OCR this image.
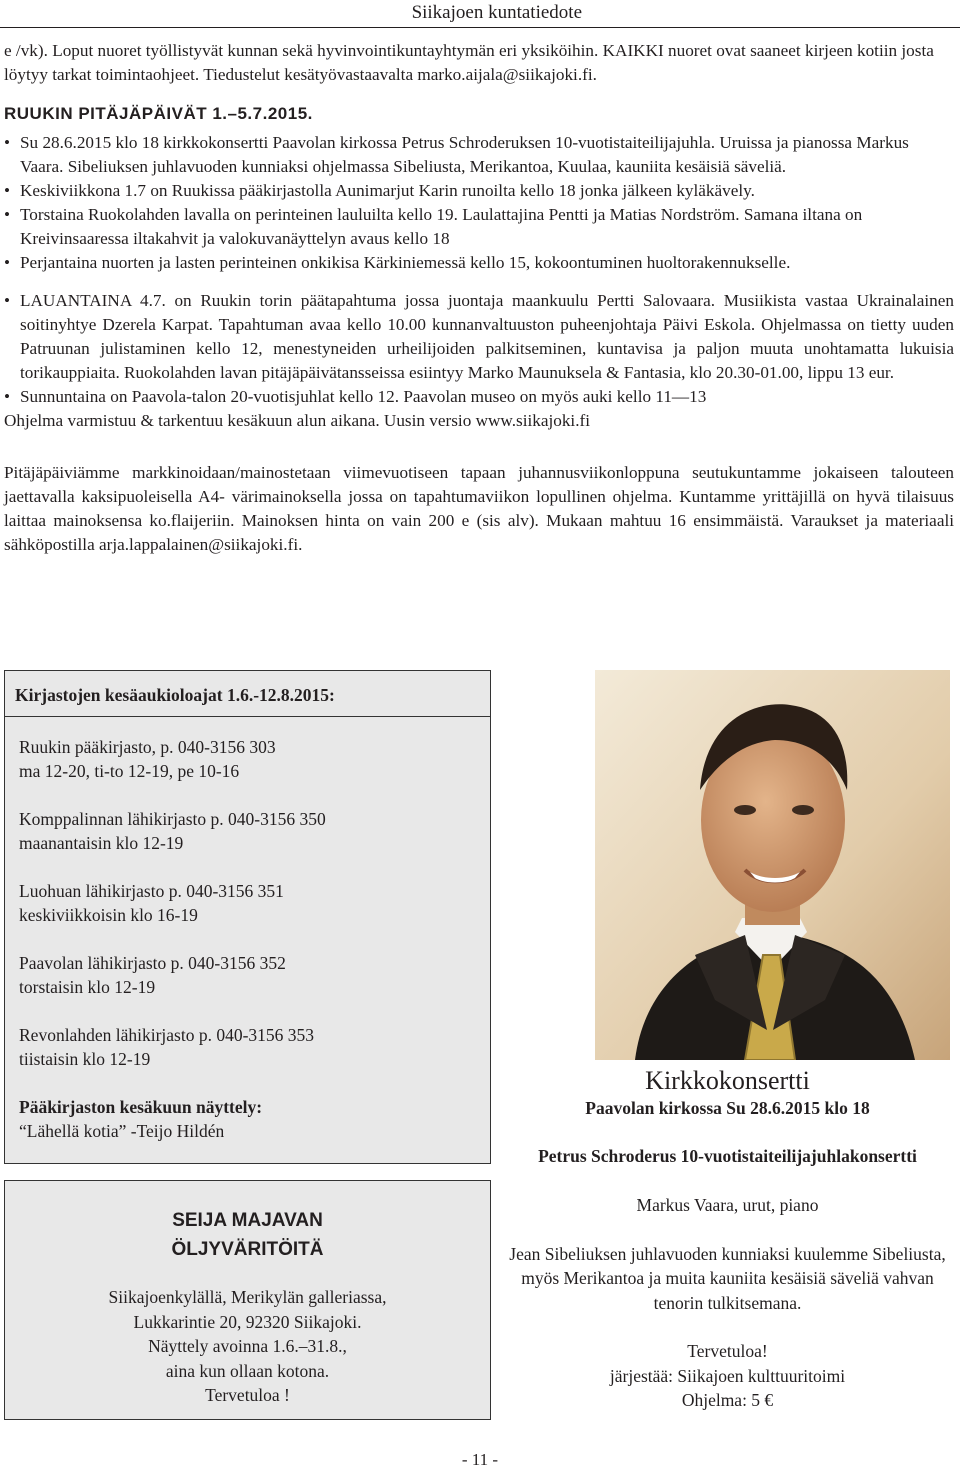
Siikajoen kuntatiedote

e /vk). Loput nuoret työllistyvät kunnan sekä hyvinvointikuntayhtymän eri yksiköihin. KAIKKI nuoret ovat saaneet kirjeen kotiin josta löytyy tarkat toimintaohjeet. Tiedustelut kesätyövastaavalta marko.aijala@siikajoki.fi.

RUUKIN PITÄJÄPÄIVÄT 1.–5.7.2015.

• Su 28.6.2015 klo 18 kirkkokonsertti Paavolan kirkossa Petrus Schroderuksen 10-vuotistaiteilijajuhla. Uruissa ja pianossa Markus Vaara. Sibeliuksen juhlavuoden kunniaksi ohjelmassa Sibeliusta, Merikantoa, Kuulaa, kauniita kesäisiä säveliä.
• Keskiviikkona 1.7 on Ruukissa pääkirjastolla Aunimarjut Karin runoilta kello 18 jonka jälkeen kyläkävely.
• Torstaina Ruokolahden lavalla on perinteinen lauluilta kello 19. Laulattajina Pentti ja Matias Nordström. Samana iltana on Kreivinsaaressa iltakahvit ja valokuvanäyttelyn avaus kello 18
• Perjantaina nuorten ja lasten perinteinen onkikisa Kärkiniemessä kello 15, kokoontuminen huoltorakennukselle.
• LAUANTAINA 4.7. on Ruukin torin päätapahtuma jossa juontaja maankuulu Pertti Salovaara. Musiikista vastaa Ukrainalainen soitinyhtye Dzerela Karpat. Tapahtuman avaa kello 10.00 kunnanvaltuuston puheenjohtaja Päivi Eskola. Ohjelmassa on tietty uuden Patruunan julistaminen kello 12, menestyneiden urheilijoiden palkitseminen, kuntavisa ja paljon muuta unohtamatta lukuisia torikauppiaita. Ruokolahden lavan pitäjäpäivätansseissa esiintyy Marko Maunuksela & Fantasia, klo 20.30-01.00, lippu 13 eur.
• Sunnuntaina on Paavola-talon 20-vuotisjuhlat kello 12. Paavolan museo on myös auki kello 11—13

Ohjelma varmistuu & tarkentuu kesäkuun alun aikana. Uusin versio www.siikajoki.fi

Pitäjäpäiviämme markkinoidaan/mainostetaan viimevuotiseen tapaan juhannusviikonloppuna seutukuntamme jokaiseen talouteen jaettavalla kaksipuoleisella A4- värimainoksella jossa on tapahtumaviikon lopullinen ohjelma. Kuntamme yrittäjillä on hyvä tilaisuus laittaa mainoksensa ko.flaijeriin. Mainoksen hinta on vain 200 e (sis alv). Mukaan mahtuu 16 ensimmäistä. Varaukset ja materiaali sähköpostilla arja.lappalainen@siikajoki.fi.

Kirjastojen kesäaukioloajat 1.6.-12.8.2015:
Ruukin pääkirjasto, p. 040-3156 303
ma 12-20, ti-to 12-19, pe 10-16
Komppalinnan lähikirjasto p. 040-3156 350
maanantaisin klo 12-19
Luohuan lähikirjasto p. 040-3156 351
keskiviikkoisin klo 16-19
Paavolan lähikirjasto p. 040-3156 352
torstaisin klo 12-19
Revonlahden lähikirjasto p. 040-3156 353
tiistaisin klo 12-19
Pääkirjaston kesäkuun näyttely:
“Lähellä kotia” -Teijo Hildén
SEIJA MAJAVAN
ÖLJYVÄRITÖITÄ
Siikajoenkylällä, Merikylän galleriassa,
Lukkarintie 20, 92320 Siikajoki.
Näyttely avoinna 1.6.–31.8.,
aina kun ollaan kotona.
Tervetuloa !
Kirkkokonsertti
Paavolan kirkossa Su 28.6.2015 klo 18
Petrus Schroderus 10-vuotistaiteilijajuhlakonsertti
Markus Vaara, urut, piano
Jean Sibeliuksen juhlavuoden kunniaksi kuulemme Sibeliusta, myös Merikantoa ja muita kauniita kesäisiä säveliä vahvan tenorin tulkitsemana.
Tervetuloa!
järjestää: Siikajoen kulttuuritoimi
Ohjelma: 5 €
- 11 -
